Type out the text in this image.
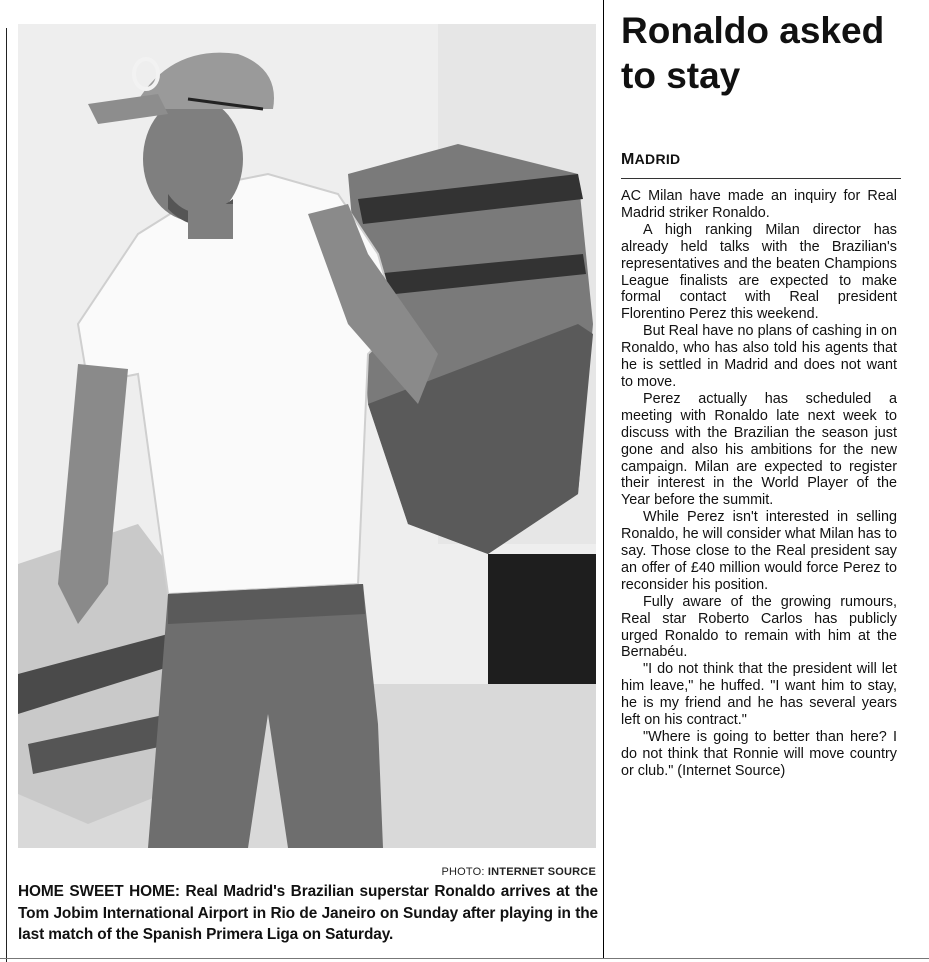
PHOTO: INTERNET SOURCE
HOME SWEET HOME: Real Madrid's Brazilian superstar Ronaldo arrives at the Tom Jobim International Airport in Rio de Janeiro on Sunday after playing in the last match of the Spanish Primera Liga on Saturday.
Ronaldo asked to stay
MADRID

AC Milan have made an inquiry for Real Madrid striker Ronaldo.

A high ranking Milan director has already held talks with the Brazilian's representatives and the beaten Champions League finalists are expected to make formal contact with Real president Florentino Perez this weekend.

But Real have no plans of cashing in on Ronaldo, who has also told his agents that he is settled in Madrid and does not want to move.

Perez actually has scheduled a meeting with Ronaldo late next week to discuss with the Brazilian the season just gone and also his ambitions for the new campaign. Milan are expected to register their interest in the World Player of the Year before the summit.

While Perez isn't interested in selling Ronaldo, he will consider what Milan has to say. Those close to the Real president say an offer of £40 million would force Perez to reconsider his position.

Fully aware of the growing rumours, Real star Roberto Carlos has publicly urged Ronaldo to remain with him at the Bernabéu.

"I do not think that the president will let him leave," he huffed. "I want him to stay, he is my friend and he has several years left on his contract."

"Where is going to better than here? I do not think that Ronnie will move country or club." (Internet Source)
